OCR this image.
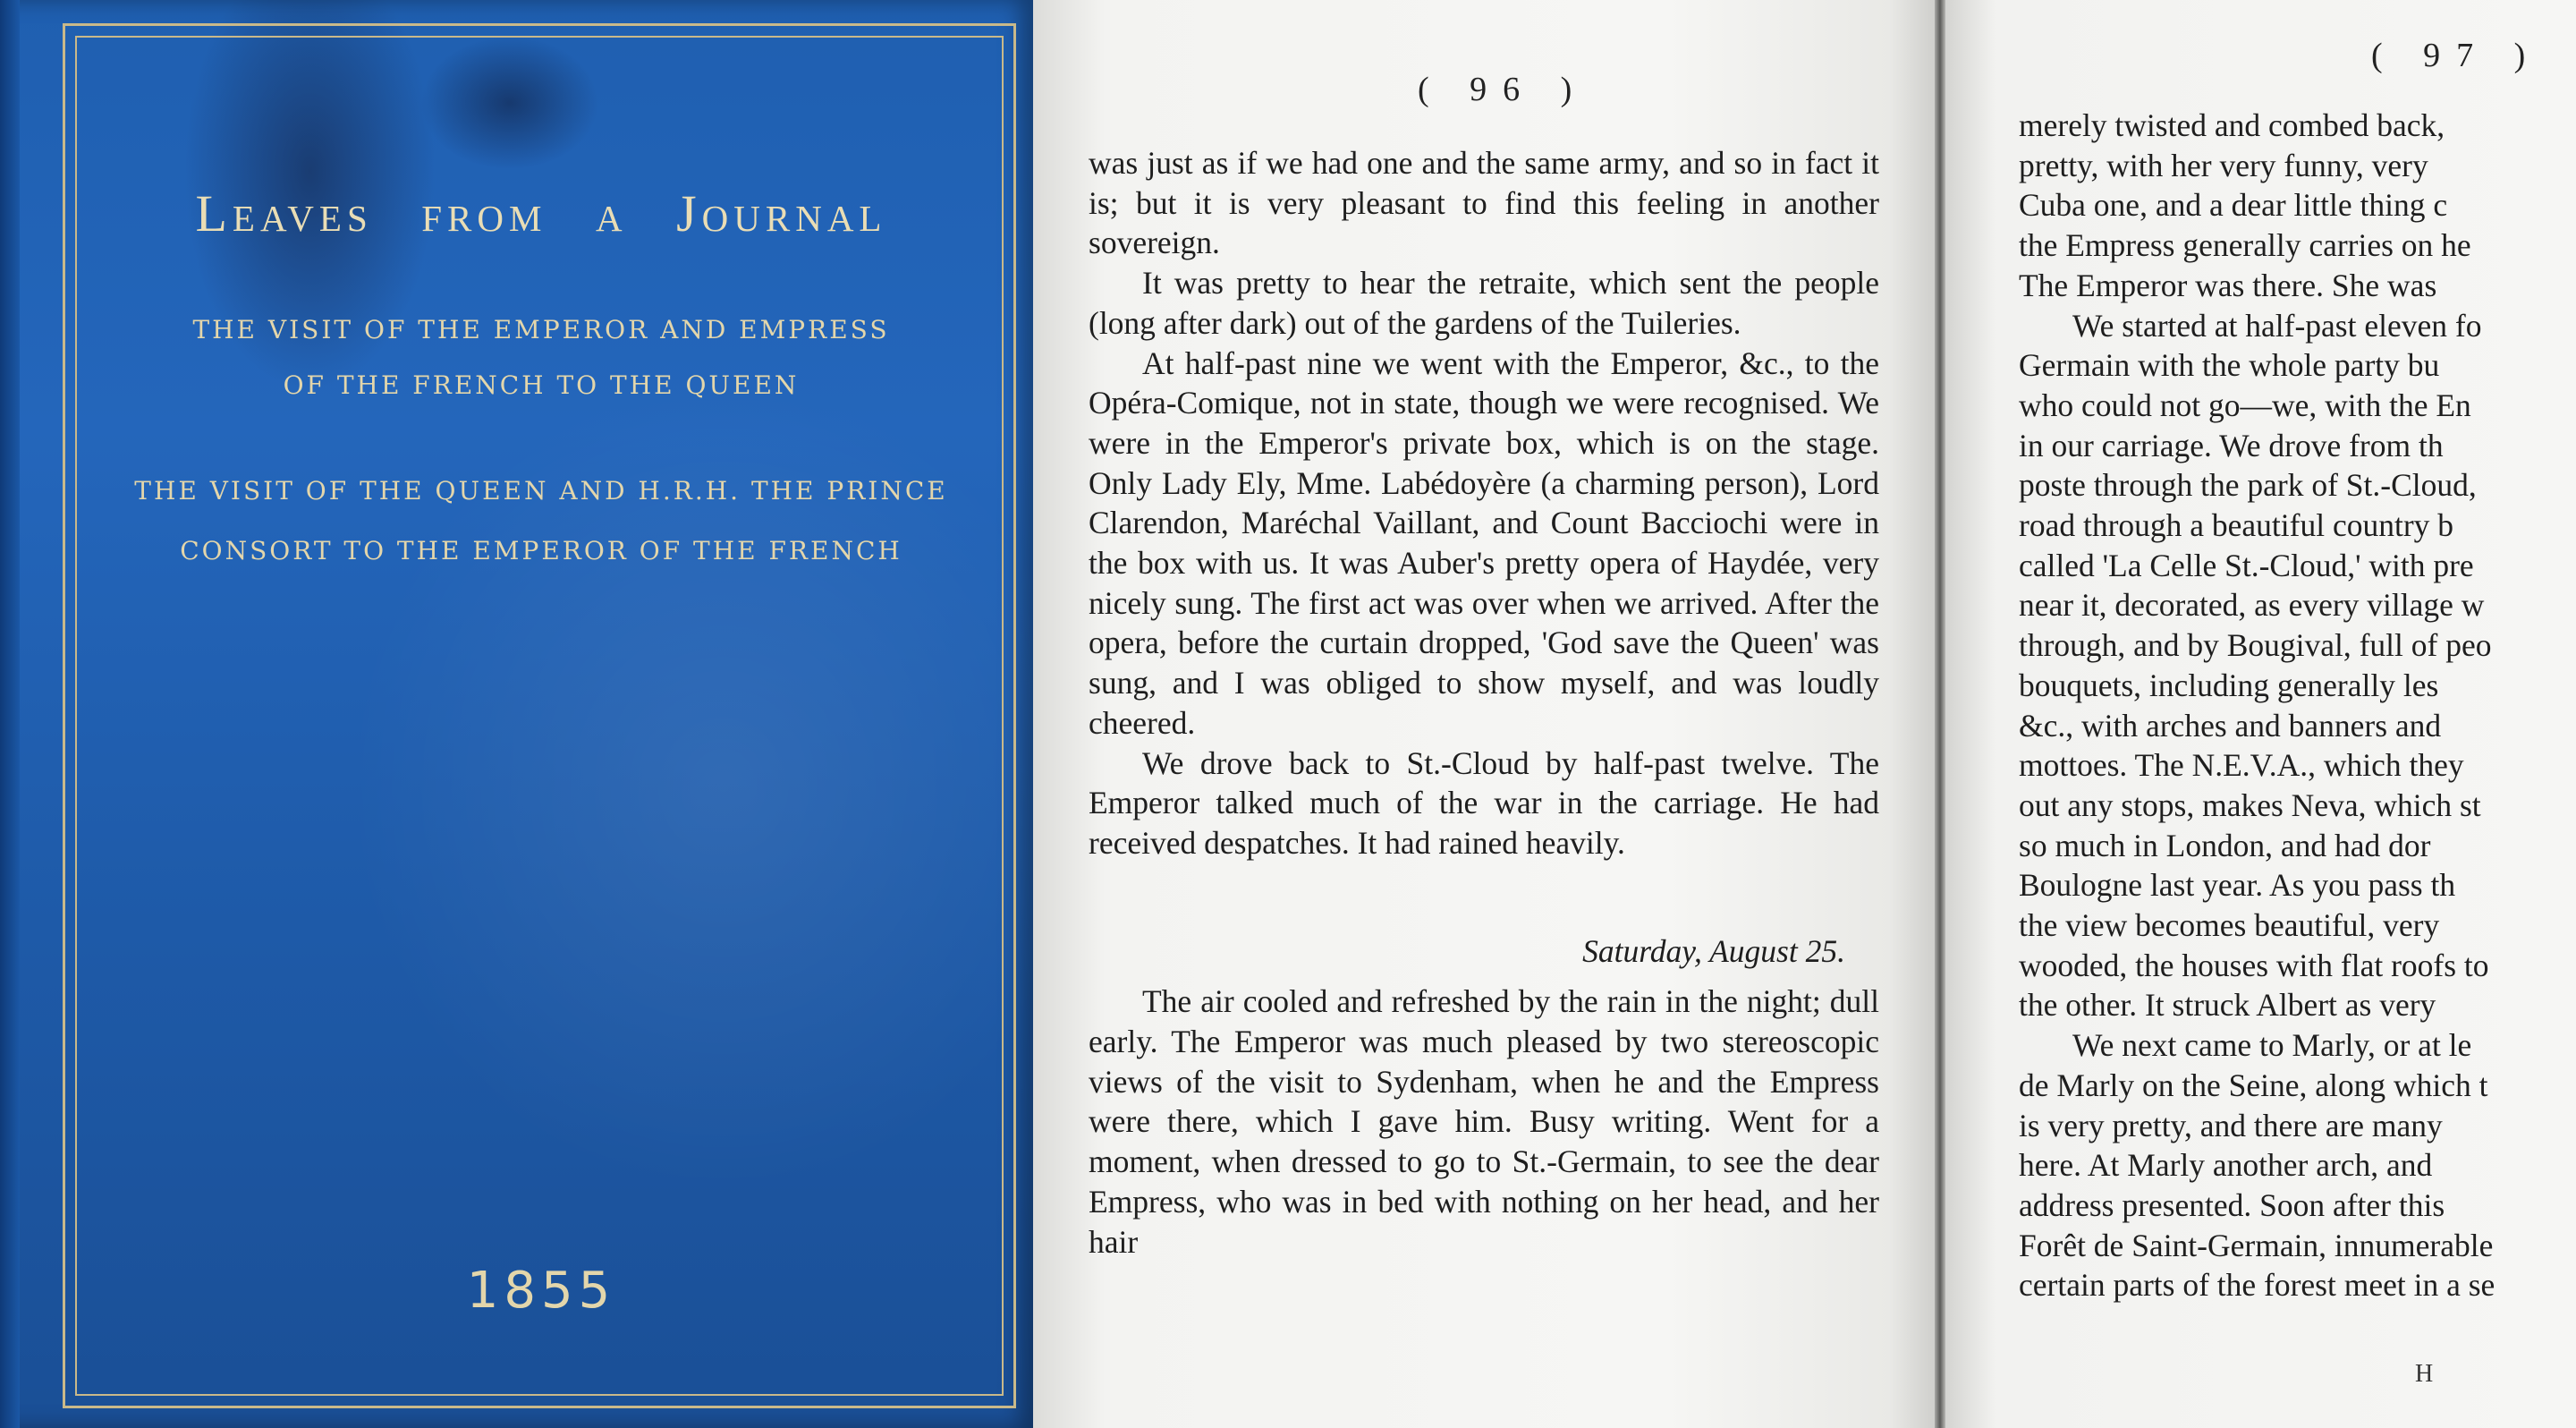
Leaves from a Journal
THE VISIT OF THE EMPEROR AND EMPRESS
OF THE FRENCH TO THE QUEEN
THE VISIT OF THE QUEEN AND H.R.H. THE PRINCE
CONSORT TO THE EMPEROR OF THE FRENCH
1855
( 96 )

was just as if we had one and the same army, and so in fact it is; but it is very pleasant to find this feeling in another sovereign.

It was pretty to hear the retraite, which sent the people (long after dark) out of the gardens of the Tuileries.

At half-past nine we went with the Emperor, &c., to the Opéra-Comique, not in state, though we were recognised. We were in the Emperor's private box, which is on the stage. Only Lady Ely, Mme. Labédoyère (a charming person), Lord Clarendon, Maréchal Vaillant, and Count Bacciochi were in the box with us. It was Auber's pretty opera of Haydée, very nicely sung. The first act was over when we arrived. After the opera, before the curtain dropped, 'God save the Queen' was sung, and I was obliged to show myself, and was loudly cheered.

We drove back to St.-Cloud by half-past twelve. The Emperor talked much of the war in the carriage. He had received despatches. It had rained heavily.

Saturday, August 25.

The air cooled and refreshed by the rain in the night; dull early. The Emperor was much pleased by two stereoscopic views of the visit to Sydenham, when he and the Empress were there, which I gave him. Busy writing. Went for a moment, when dressed to go to St.-Germain, to see the dear Empress, who was in bed with nothing on her head, and her hair

( 97 )

merely twisted and combed back,

pretty, with her very funny, very

Cuba one, and a dear little thing c

the Empress generally carries on he

The Emperor was there. She was

We started at half-past eleven fo

Germain with the whole party bu

who could not go—we, with the En

in our carriage. We drove from th

poste through the park of St.-Cloud,

road through a beautiful country b

called 'La Celle St.-Cloud,' with pre

near it, decorated, as every village w

through, and by Bougival, full of peo

bouquets, including generally les

&c., with arches and banners and

mottoes. The N.E.V.A., which they

out any stops, makes Neva, which st

so much in London, and had dor

Boulogne last year. As you pass th

the view becomes beautiful, very

wooded, the houses with flat roofs to

the other. It struck Albert as very

We next came to Marly, or at le

de Marly on the Seine, along which t

is very pretty, and there are many

here. At Marly another arch, and

address presented. Soon after this

Forêt de Saint-Germain, innumerable

certain parts of the forest meet in a se

H
